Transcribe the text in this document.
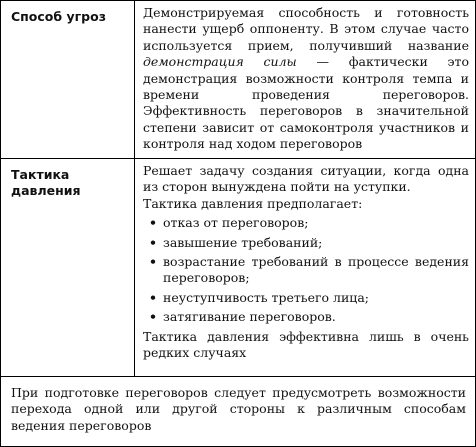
Способ угроз	Демонстрируемая способность и готовность нанести ущерб оппоненту. В этом случае часто используется прием, получивший название демонстрация силы — фактически это демонстрация возможности контроля темпа и времени проведения переговоров. Эффективность переговоров в значительной степени зависит от самоконтроля участников и контроля над ходом переговоров

Тактика давления

Решает задачу создания ситуации, когда одна из сторон вынуждена пойти на уступки.

Тактика давления предполагает:

• отказ от переговоров;
• завышение требований;
• возрастание требований в процессе ведения переговоров;
• неуступчивость третьего лица;
• затягивание переговоров.

Тактика давления эффективна лишь в очень редких случаях

При подготовке переговоров следует предусмотреть возможности перехода одной или другой стороны к различным способам ведения переговоров
